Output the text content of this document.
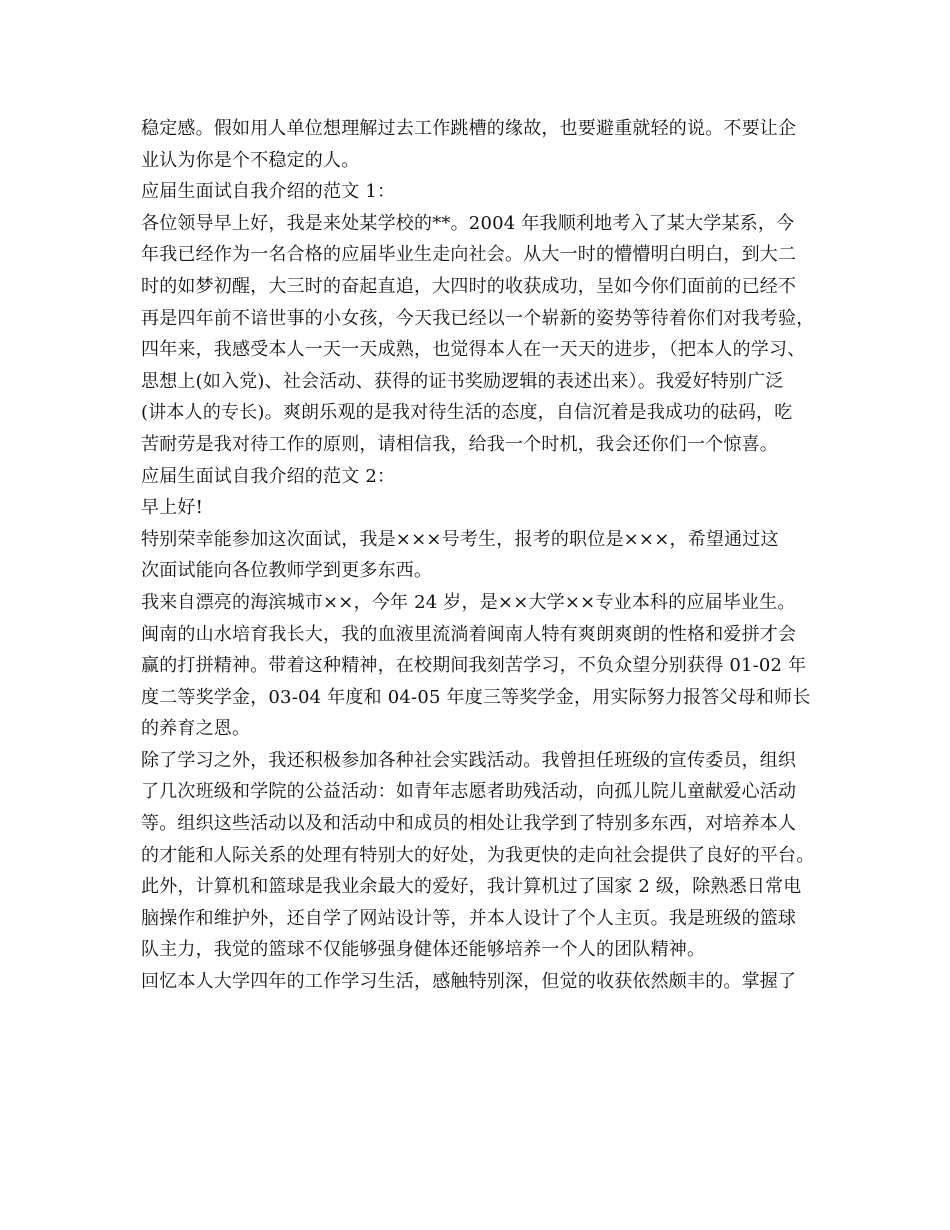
稳定感。假如用人单位想理解过去工作跳槽的缘故，也要避重就轻的说。不要让企
业认为你是个不稳定的人。
应届生面试自我介绍的范文 1：
各位领导早上好，我是来处某学校的**。2004 年我顺利地考入了某大学某系，今
年我已经作为一名合格的应届毕业生走向社会。从大一时的懵懵明白明白，到大二
时的如梦初醒，大三时的奋起直追，大四时的收获成功，呈如今你们面前的已经不
再是四年前不谙世事的小女孩，今天我已经以一个崭新的姿势等待着你们对我考验，
四年来，我感受本人一天一天成熟，也觉得本人在一天天的进步，（把本人的学习、
思想上(如入党)、社会活动、获得的证书奖励逻辑的表述出来）。我爱好特别广泛
(讲本人的专长)。爽朗乐观的是我对待生活的态度，自信沉着是我成功的砝码，吃
苦耐劳是我对待工作的原则，请相信我，给我一个时机，我会还你们一个惊喜。
应届生面试自我介绍的范文 2：
早上好!
特别荣幸能参加这次面试，我是×××号考生，报考的职位是×××，希望通过这
次面试能向各位教师学到更多东西。
我来自漂亮的海滨城市××，今年 24 岁，是××大学××专业本科的应届毕业生。
闽南的山水培育我长大，我的血液里流淌着闽南人特有爽朗爽朗的性格和爱拼才会
赢的打拼精神。带着这种精神，在校期间我刻苦学习，不负众望分别获得 01-02 年
度二等奖学金，03-04 年度和 04-05 年度三等奖学金，用实际努力报答父母和师长
的养育之恩。
除了学习之外，我还积极参加各种社会实践活动。我曾担任班级的宣传委员，组织
了几次班级和学院的公益活动：如青年志愿者助残活动，向孤儿院儿童献爱心活动
等。组织这些活动以及和活动中和成员的相处让我学到了特别多东西，对培养本人
的才能和人际关系的处理有特别大的好处，为我更快的走向社会提供了良好的平台。
此外，计算机和篮球是我业余最大的爱好，我计算机过了国家 2 级，除熟悉日常电
脑操作和维护外，还自学了网站设计等，并本人设计了个人主页。我是班级的篮球
队主力，我觉的篮球不仅能够强身健体还能够培养一个人的团队精神。
回忆本人大学四年的工作学习生活，感触特别深，但觉的收获依然颇丰的。掌握了
